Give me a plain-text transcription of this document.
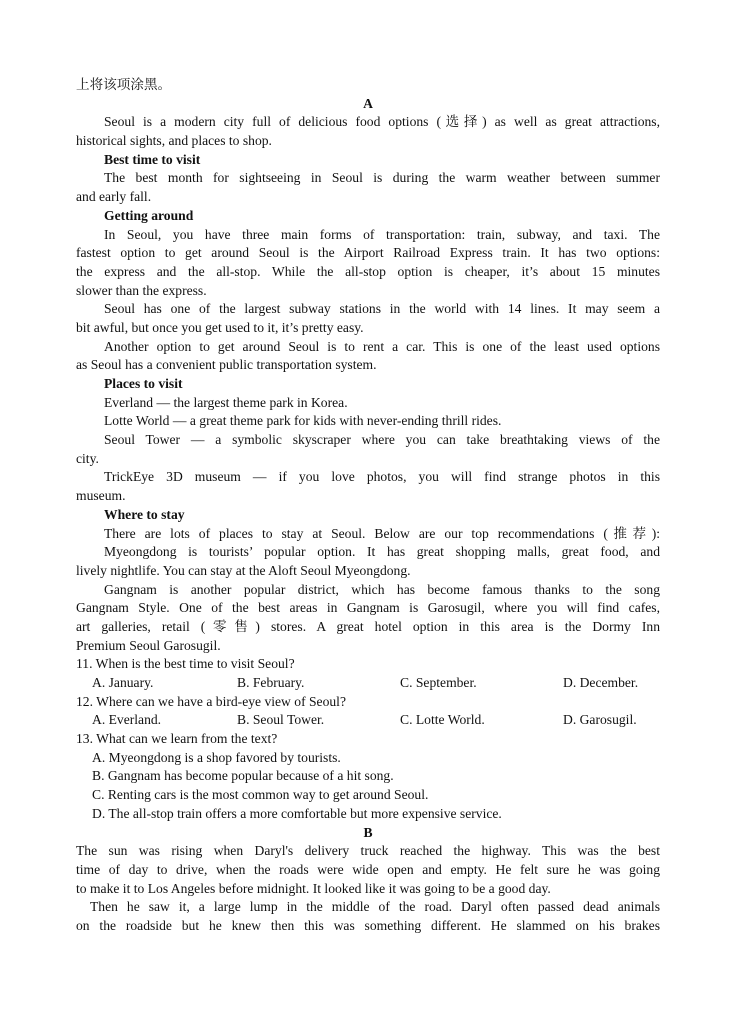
上将该项涂黑。
A
Seoul is a modern city full of delicious food options (选择) as well as great attractions,
historical sights, and places to shop.
Best time to visit
The best month for sightseeing in Seoul is during the warm weather between summer
and early fall.
Getting around
In Seoul, you have three main forms of transportation: train, subway, and taxi. The
fastest option to get around Seoul is the Airport Railroad Express train. It has two options:
the express and the all-stop. While the all-stop option is cheaper, it’s about 15 minutes
slower than the express.
Seoul has one of the largest subway stations in the world with 14 lines. It may seem a
bit awful, but once you get used to it, it’s pretty easy.
Another option to get around Seoul is to rent a car. This is one of the least used options
as Seoul has a convenient public transportation system.
Places to visit
Everland — the largest theme park in Korea.
Lotte World — a great theme park for kids with never-ending thrill rides.
Seoul Tower — a symbolic skyscraper where you can take breathtaking views of the
city.
TrickEye 3D museum — if you love photos, you will find strange photos in this
museum.
Where to stay
There are lots of places to stay at Seoul. Below are our top recommendations (推荐):
Myeongdong is tourists’ popular option. It has great shopping malls, great food, and
lively nightlife. You can stay at the Aloft Seoul Myeongdong.
Gangnam is another popular district, which has become famous thanks to the song
Gangnam Style. One of the best areas in Gangnam is Garosugil, where you will find cafes,
art galleries, retail (零售) stores. A great hotel option in this area is the Dormy Inn
Premium Seoul Garosugil.
11. When is the best time to visit Seoul?
A. January.	B. February.	C. September.	D. December.
12. Where can we have a bird-eye view of Seoul?
A. Everland.	B. Seoul Tower.	C. Lotte World.	D. Garosugil.
13. What can we learn from the text?
A. Myeongdong is a shop favored by tourists.
B. Gangnam has become popular because of a hit song.
C. Renting cars is the most common way to get around Seoul.
D. The all-stop train offers a more comfortable but more expensive service.
B
The sun was rising when Daryl's delivery truck reached the highway. This was the best
time of day to drive, when the roads were wide open and empty. He felt sure he was going
to make it to Los Angeles before midnight. It looked like it was going to be a good day.
Then he saw it, a large lump in the middle of the road. Daryl often passed dead animals
on the roadside but he knew then this was something different. He slammed on his brakes
